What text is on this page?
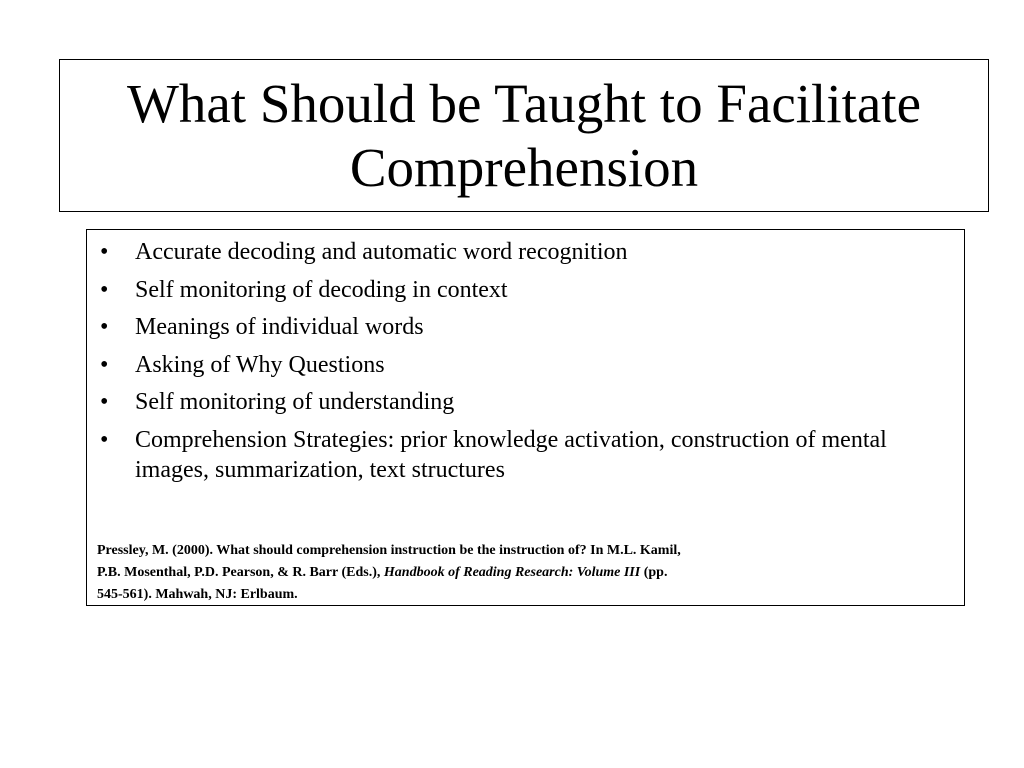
What Should be Taught to Facilitate
Comprehension
• Accurate decoding and automatic word recognition
• Self monitoring of decoding in context
• Meanings of individual words
• Asking of Why Questions
• Self monitoring of understanding
• Comprehension Strategies: prior knowledge activation, construction of mental images, summarization, text structures
Pressley, M. (2000). What should comprehension instruction be the instruction of? In M.L. Kamil,
P.B. Mosenthal, P.D. Pearson, & R. Barr (Eds.), Handbook of Reading Research: Volume III (pp.
545-561). Mahwah, NJ: Erlbaum.
